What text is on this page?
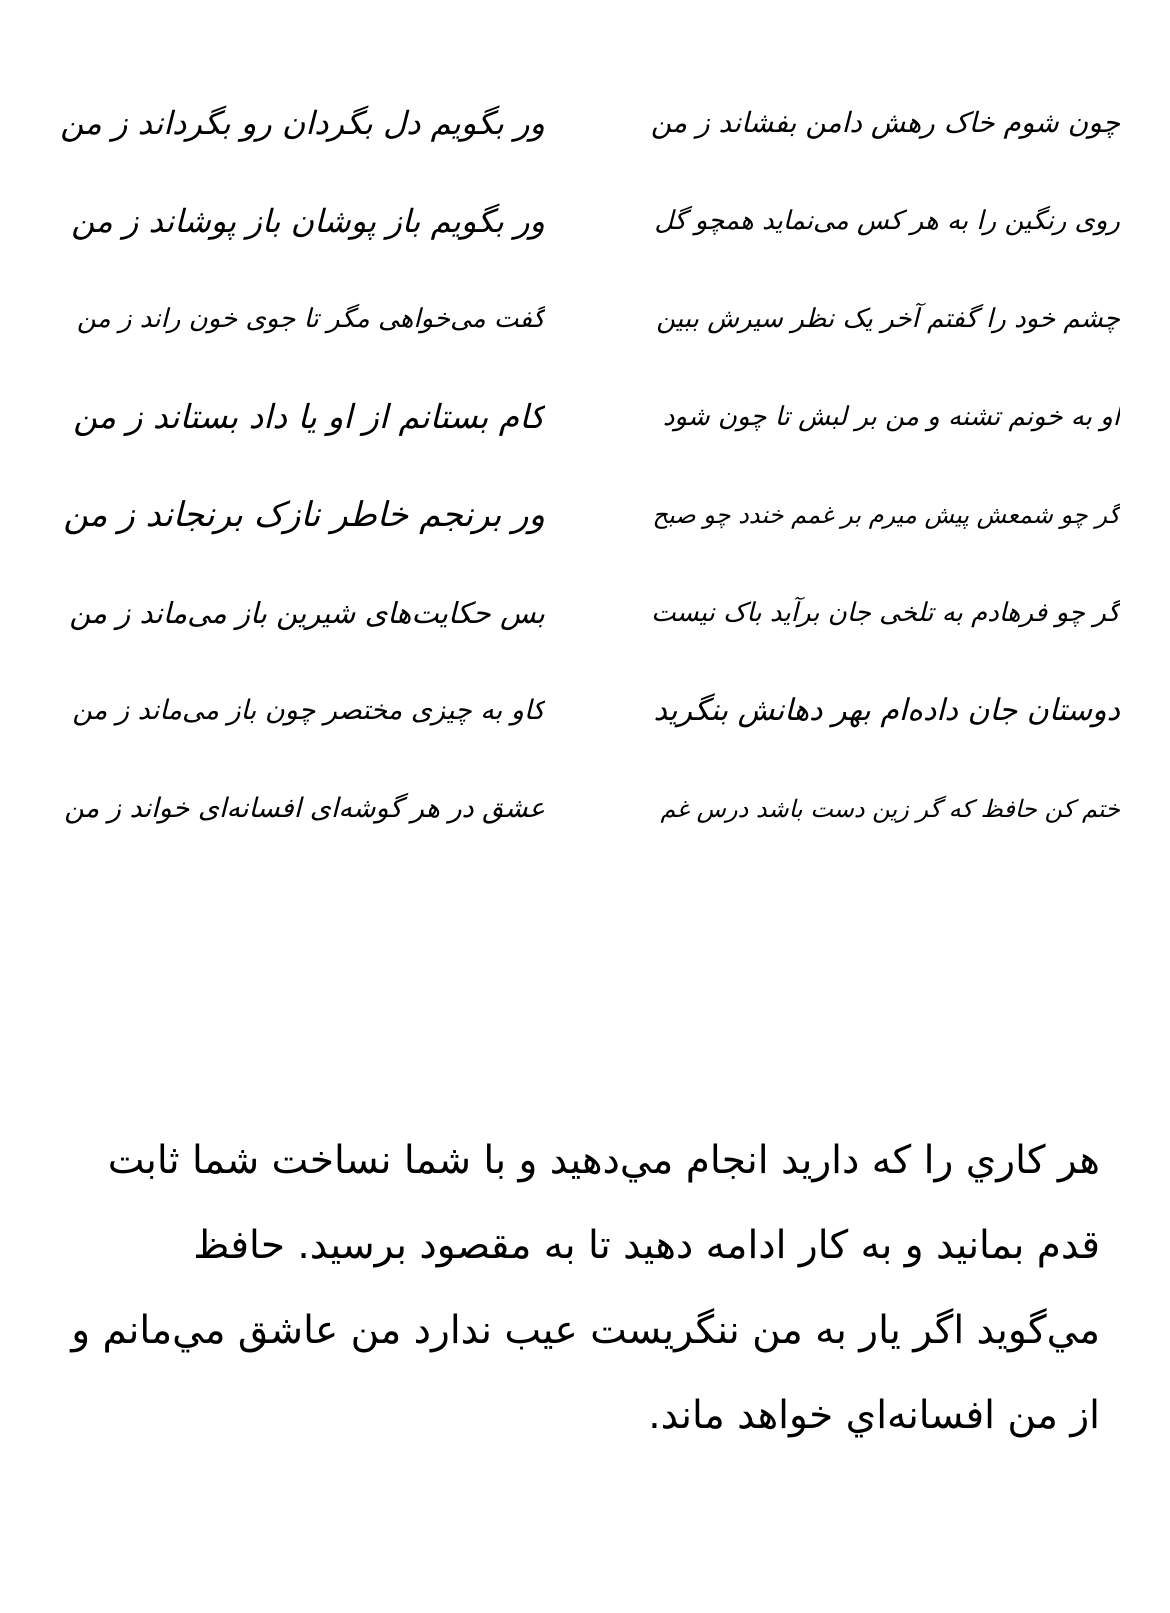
چون شوم خاک رهش دامن بفشاند ز من
ور بگویم دل بگردان رو بگرداند ز من
روی رنگین را به هر کس می‌نماید همچو گل
ور بگویم باز پوشان باز پوشاند ز من
چشم خود را گفتم آخر یک نظر سیرش ببین
گفت می‌خواهی مگر تا جوی خون راند ز من
او به خونم تشنه و من بر لبش تا چون شود
کام بستانم از او یا داد بستاند ز من
گر چو شمعش پیش میرم بر غمم خندد چو صبح
ور برنجم خاطر نازک برنجاند ز من
گر چو فرهادم به تلخی جان برآید باک نیست
بس حکایت‌های شیرین باز می‌ماند ز من
دوستان جان داده‌ام بهر دهانش بنگرید
کاو به چیزی مختصر چون باز می‌ماند ز من
ختم کن حافظ که گر زین دست باشد درس غم
عشق در هر گوشه‌ای افسانه‌ای خواند ز من

هر كاري را كه داريد انجام مي‌دهيد و با شما نساخت شما ثابت قدم بمانيد و به كار ادامه دهيد تا به مقصود برسيد. حافظ مي‌گويد اگر يار به من ننگريست عيب ندارد من عاشق مي‌مانم و از من افسانه‌اي خواهد ماند.
